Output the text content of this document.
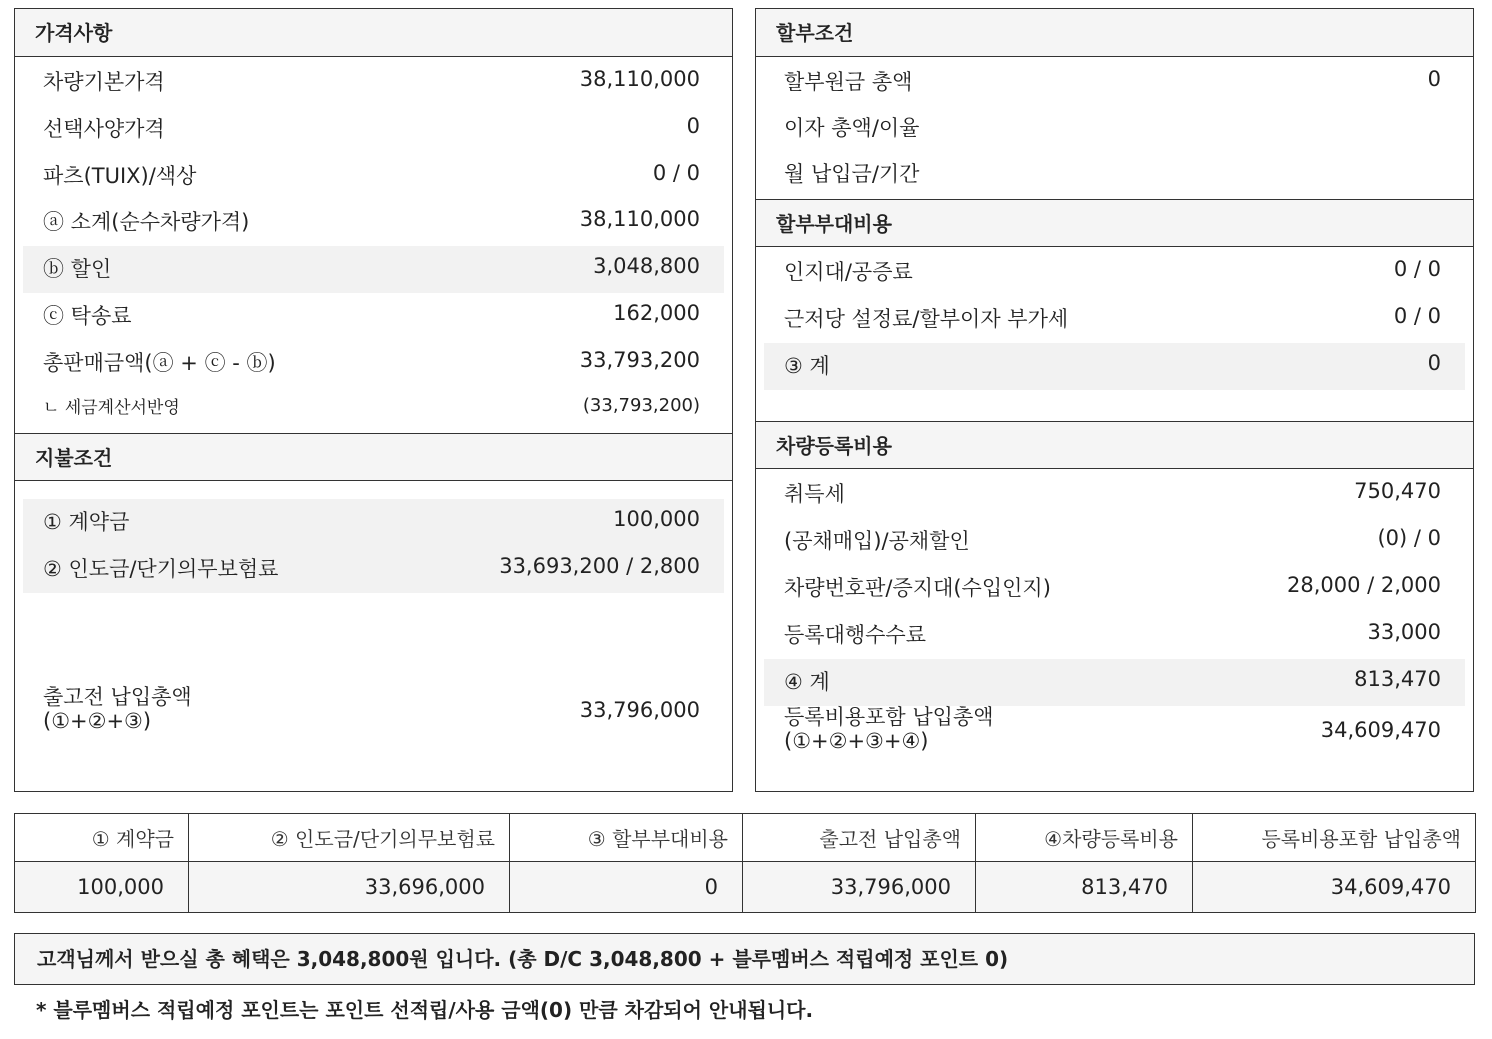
가격사항
차량기본가격	38,110,000
선택사양가격	0
파츠(TUIX)/색상	0 / 0
ⓐ 소계(순수차량가격)	38,110,000
ⓑ 할인	3,048,800
ⓒ 탁송료	162,000
총판매금액(ⓐ + ⓒ - ⓑ)	33,793,200
ㄴ 세금계산서반영	(33,793,200)
지불조건
① 계약금	100,000
② 인도금/단기의무보험료	33,693,200 / 2,800
출고전 납입총액
(①+②+③)	33,796,000
할부조건
할부원금 총액	0
이자 총액/이율
월 납입금/기간
할부부대비용
인지대/공증료	0 / 0
근저당 설정료/할부이자 부가세	0 / 0
③ 계	0
차량등록비용
취득세	750,470
(공채매입)/공채할인	(0) / 0
차량번호판/증지대(수입인지)	28,000 / 2,000
등록대행수수료	33,000
④ 계	813,470
등록비용포함 납입총액
(①+②+③+④)	34,609,470
① 계약금	② 인도금/단기의무보험료	③ 할부부대비용	출고전 납입총액	④차량등록비용	등록비용포함 납입총액
100,000	33,696,000	0	33,796,000	813,470	34,609,470
고객님께서 받으실 총 혜택은 3,048,800원 입니다. (총 D/C 3,048,800 + 블루멤버스 적립예정 포인트 0)
* 블루멤버스 적립예정 포인트는 포인트 선적립/사용 금액(0) 만큼 차감되어 안내됩니다.
